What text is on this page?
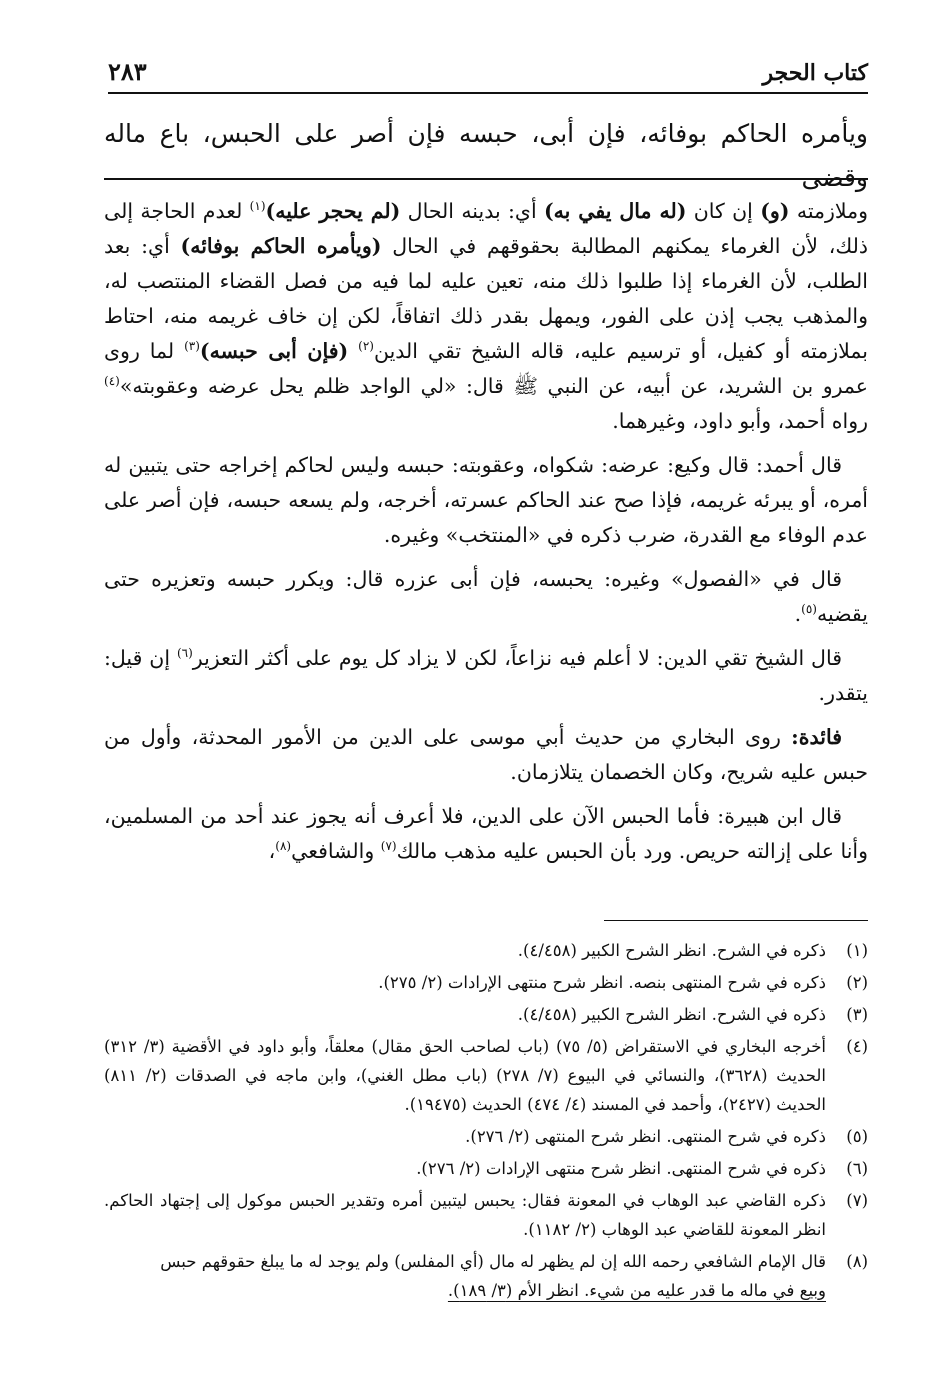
كتاب الحجر
٢٨٣
ويأمره الحاكم بوفائه، فإن أبى، حبسه فإن أصر على الحبس، باع ماله وقضى

وملازمته (و) إن كان (له مال يفي به) أي: بدينه الحال (لم يحجر عليه)$^{(١)}$ لعدم الحاجة إلى ذلك، لأن الغرماء يمكنهم المطالبة بحقوقهم في الحال (ويأمره الحاكم بوفائه) أي: بعد الطلب، لأن الغرماء إذا طلبوا ذلك منه، تعين عليه لما فيه من فصل القضاء المنتصب له، والمذهب يجب إذن على الفور، ويمهل بقدر ذلك اتفاقاً، لكن إن خاف غريمه منه، احتاط بملازمته أو كفيل، أو ترسيم عليه، قاله الشيخ تقي الدين$^{(٢)}$ (فإن أبى حبسه)$^{(٣)}$ لما روى عمرو بن الشريد، عن أبيه، عن النبي ﷺ قال: «لي الواجد ظلم يحل عرضه وعقوبته»$^{(٤)}$ رواه أحمد، وأبو داود، وغيرهما.

قال أحمد: قال وكيع: عرضه: شكواه، وعقوبته: حبسه وليس لحاكم إخراجه حتى يتبين له أمره، أو يبرئه غريمه، فإذا صح عند الحاكم عسرته، أخرجه، ولم يسعه حبسه، فإن أصر على عدم الوفاء مع القدرة، ضرب ذكره في «المنتخب» وغيره.

قال في «الفصول» وغيره: يحبسه، فإن أبى عزره قال: ويكرر حبسه وتعزيره حتى يقضيه$^{(٥)}$.

قال الشيخ تقي الدين: لا أعلم فيه نزاعاً، لكن لا يزاد كل يوم على أكثر التعزير$^{(٦)}$ إن قيل: يتقدر.

فائدة: روى البخاري من حديث أبي موسى على الدين من الأمور المحدثة، وأول من حبس عليه شريح، وكان الخصمان يتلازمان.

قال ابن هبيرة: فأما الحبس الآن على الدين، فلا أعرف أنه يجوز عند أحد من المسلمين، وأنا على إزالته حريص. ورد بأن الحبس عليه مذهب مالك$^{(٧)}$ والشافعي$^{(٨)}$،

(١)
ذكره في الشرح. انظر الشرح الكبير (٤/٤٥٨).
(٢)
ذكره في شرح المنتهى بنصه. انظر شرح منتهى الإرادات (٢/ ٢٧٥).
(٣)
ذكره في الشرح. انظر الشرح الكبير (٤/٤٥٨).
(٤)
أخرجه البخاري في الاستقراض (٥/ ٧٥) (باب لصاحب الحق مقال) معلقاً، وأبو داود في الأقضية (٣/ ٣١٢) الحديث (٣٦٢٨)، والنسائي في البيوع (٧/ ٢٧٨) (باب مطل الغني)، وابن ماجه في الصدقات (٢/ ٨١١) الحديث (٢٤٢٧)، وأحمد في المسند (٤/ ٤٧٤) الحديث (١٩٤٧٥).
(٥)
ذكره في شرح المنتهى. انظر شرح المنتهى (٢/ ٢٧٦).
(٦)
ذكره في شرح المنتهى. انظر شرح منتهى الإرادات (٢/ ٢٧٦).
(٧)
ذكره القاضي عبد الوهاب في المعونة فقال: يحبس ليتبين أمره وتقدير الحبس موكول إلى إجتهاد الحاكم. انظر المعونة للقاضي عبد الوهاب (٢/ ١١٨٢).
(٨)
قال الإمام الشافعي رحمه الله إن لم يظهر له مال (أي المفلس) ولم يوجد له ما يبلغ حقوقهم حبس
وبيع في ماله ما قدر عليه من شيء. انظر الأم (٣/ ١٨٩).
